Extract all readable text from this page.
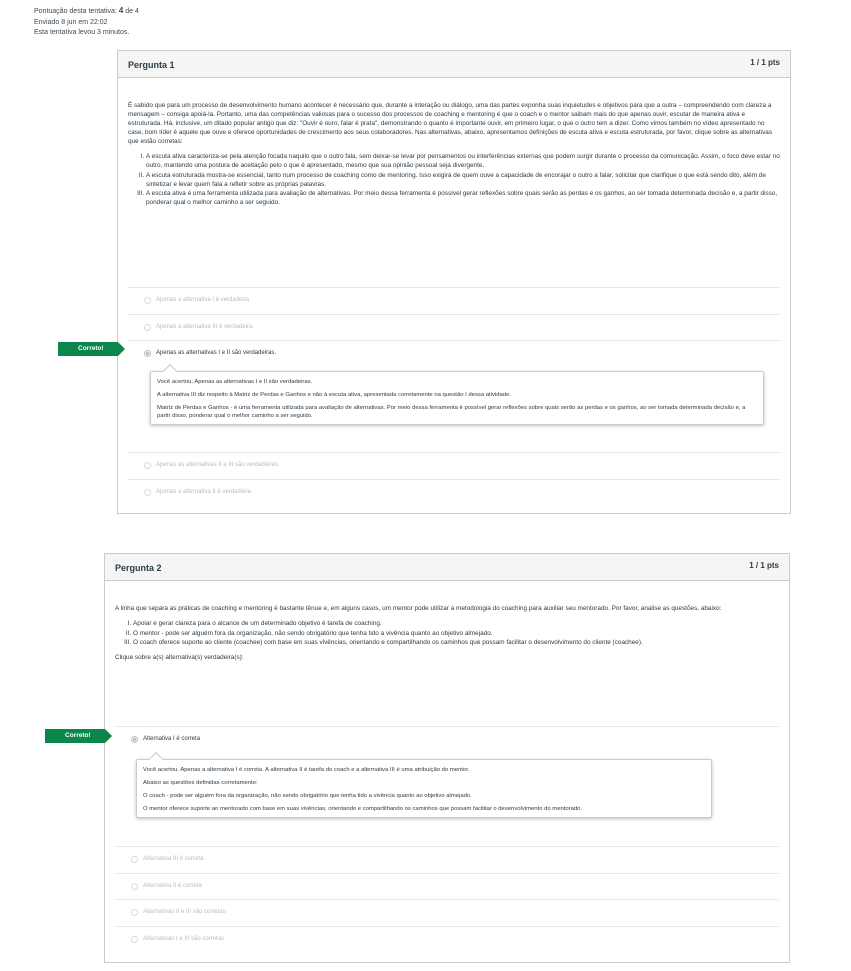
Pontuação desta tentativa: 4 de 4
Enviado 8 jun em 22:02
Esta tentativa levou 3 minutos.
Pergunta 1	1 / 1 pts

É sabido que para um processo de desenvolvimento humano acontecer é necessário que, durante a interação ou diálogo, uma das partes exponha suas inquietudes e objetivos para que a outra – compreendendo com clareza a mensagem – consiga apoiá-la. Portanto, uma das competências valiosas para o sucesso dos processos de coaching e mentoring é que o coach e o mentor saibam mais do que apenas ouvir, escutar de maneira ativa e estruturada. Há, inclusive, um ditado popular antigo que diz: "Ouvir é ouro, falar é prata", demonstrando o quanto é importante ouvir, em primeiro lugar, o que o outro tem a dizer. Como vimos também no vídeo apresentado no case, bom líder é aquele que ouve e oferece oportunidades de crescimento aos seus colaboradores. Nas alternativas, abaixo, apresentamos definições de escuta ativa e escuta estruturada, por favor, clique sobre as alternativas que estão corretas:

I. A escuta ativa caracteriza-se pela atenção focada naquilo que o outro fala, sem deixar-se levar por pensamentos ou interferências externas que podem surgir durante o processo da comunicação. Assim, o foco deve estar no outro, mantendo uma postura de aceitação pelo o que é apresentado, mesmo que sua opinião pessoal seja divergente.
II. A escuta estruturada mostra-se essencial, tanto num processo de coaching como de mentoring. Isso exigirá de quem ouve a capacidade de encorajar o outro a falar, solicitar que clarifique o que está sendo dito, além de sintetizar e levar quem fala a refletir sobre as próprias palavras.
III. A escuta ativa é uma ferramenta utilizada para avaliação de alternativas. Por meio dessa ferramenta é possível gerar reflexões sobre quais serão as perdas e os ganhos, ao ser tomada determinada decisão e, a partir disso, ponderar qual o melhor caminho a ser seguido.
Apenas a alternativa I é verdadeira.
Apenas a alternativa III é verdadeira.
Apenas as alternativas I e II são verdadeiras.

Você acertou. Apenas as alternativas I e II são verdadeiras.

A alternativa III diz respeito à Matriz de Perdas e Ganhos e não à escuta ativa, apresentada corretamente na questão I dessa atividade.

Matriz de Perdas e Ganhos - é uma ferramenta utilizada para avaliação de alternativas. Por meio dessa ferramenta é possível gerar reflexões sobre quais serão as perdas e os ganhos, ao ser tomada determinada decisão e, a partir disso, ponderar qual o melhor caminho a ser seguido.

Apenas as alternativas II e III são verdadeiras.
Apenas a alternativa II é verdadeira.
Correto!
Pergunta 2	1 / 1 pts

A linha que separa as práticas de coaching e mentoring é bastante tênue e, em alguns casos, um mentor pode utilizar a metodologia do coaching para auxiliar seu mentorado. Por favor, analise as questões, abaixo:

I. Apoiar e gerar clareza para o alcance de um determinado objetivo é tarefa de coaching.
II. O mentor - pode ser alguém fora da organização, não sendo obrigatório que tenha tido a vivência quanto ao objetivo almejado.
III. O coach oferece suporte ao cliente (coachee) com base em suas vivências, orientando e compartilhando os caminhos que possam facilitar o desenvolvimento do cliente (coachee).

Clique sobre a(s) alternativa(s) verdadeira(s):

Alternativa I é correta

Você acertou. Apenas a alternativa I é correta. A alternativa II é tarefa do coach e a alternativa III é uma atribuição do mentor.

Abaixo as questões definidas corretamente:

O coach - pode ser alguém fora da organização, não sendo obrigatório que tenha tido a vivência quanto ao objetivo almejado.

O mentor oferece suporte ao mentorado com base em suas vivências, orientando e compartilhando os caminhos que possam facilitar o desenvolvimento do mentorado.

Alternativa III é correta
Alternativa II é correta
Alternativas II e III são corretas
Alternativas I e III são corretas
Correto!
